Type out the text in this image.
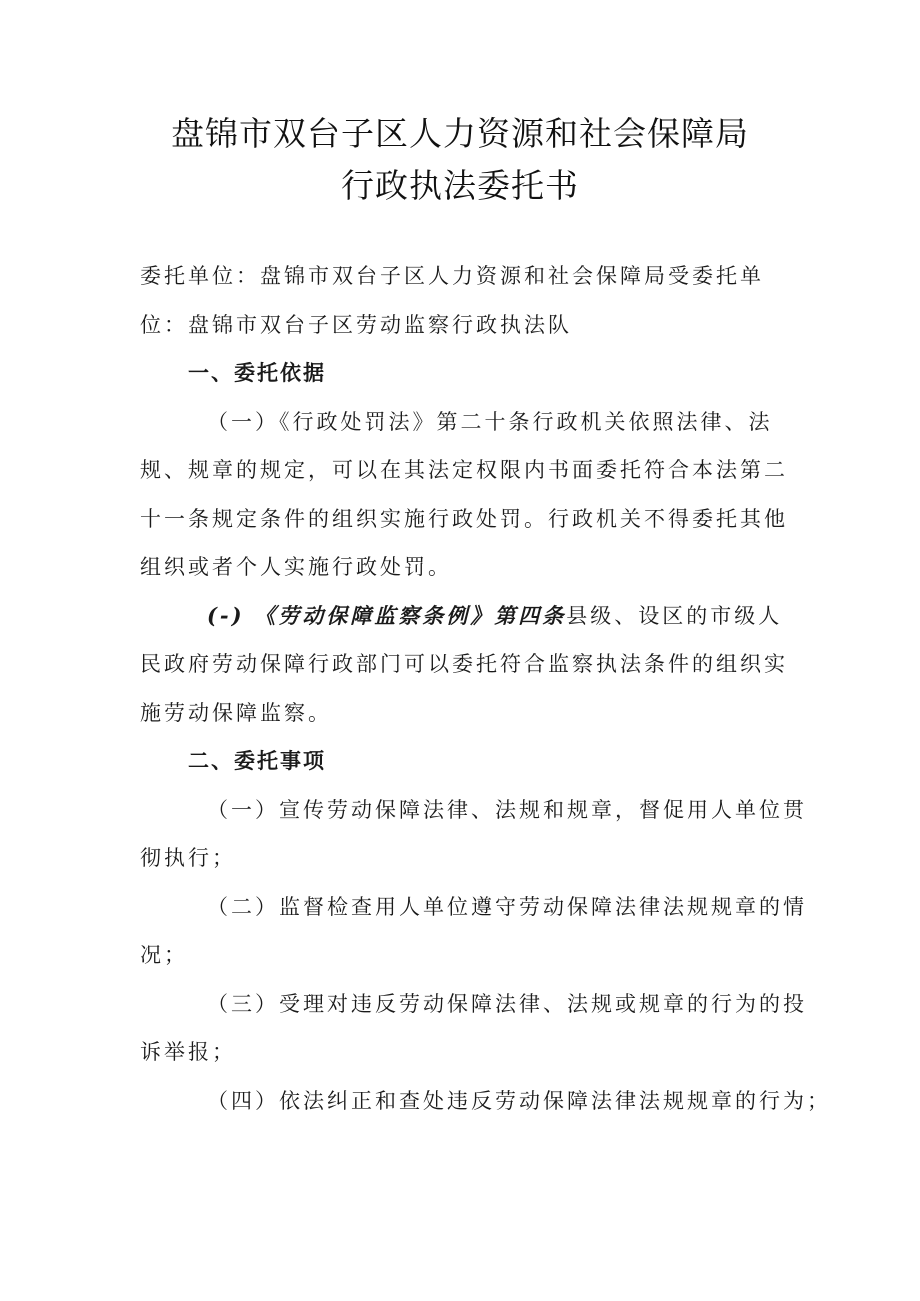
盘锦市双台子区人力资源和社会保障局
行政执法委托书

委托单位：盘锦市双台子区人力资源和社会保障局受委托单

位：盘锦市双台子区劳动监察行政执法队

一、委托依据

（一）《行政处罚法》第二十条行政机关依照法律、法

规、规章的规定，可以在其法定权限内书面委托符合本法第二

十一条规定条件的组织实施行政处罚。行政机关不得委托其他

组织或者个人实施行政处罚。

(-) 《劳动保障监察条例》第四条县级、设区的市级人

民政府劳动保障行政部门可以委托符合监察执法条件的组织实

施劳动保障监察。

二、委托事项

（一）宣传劳动保障法律、法规和规章，督促用人单位贯

彻执行；

（二）监督检查用人单位遵守劳动保障法律法规规章的情

况；

（三）受理对违反劳动保障法律、法规或规章的行为的投

诉举报；

（四）依法纠正和查处违反劳动保障法律法规规章的行为；
